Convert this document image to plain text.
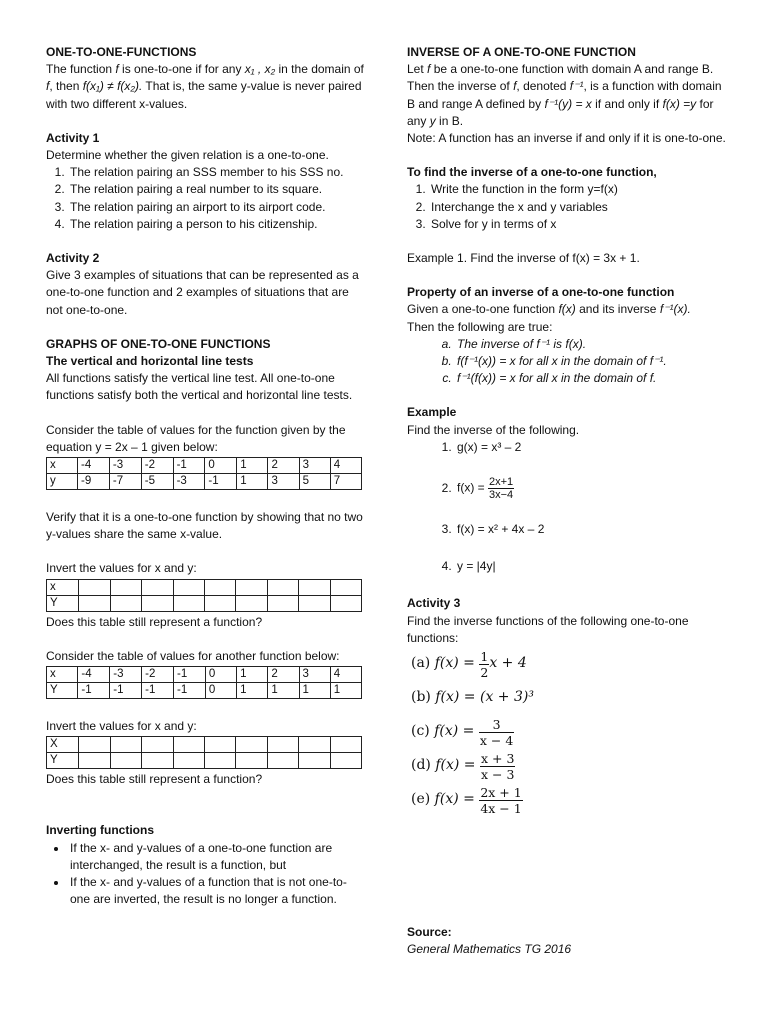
ONE-TO-ONE-FUNCTIONS
The function f is one-to-one if for any x₁ , x₂ in the domain of f, then f(x₁) ≠ f(x₂). That is, the same y-value is never paired with two different x-values.
Activity 1
Determine whether the given relation is a one-to-one.
1. The relation pairing an SSS member to his SSS no.
2. The relation pairing a real number to its square.
3. The relation pairing an airport to its airport code.
4. The relation pairing a person to his citizenship.
Activity 2
Give 3 examples of situations that can be represented as a one-to-one function and 2 examples of situations that are not one-to-one.
GRAPHS OF ONE-TO-ONE FUNCTIONS
The vertical and horizontal line tests
All functions satisfy the vertical line test. All one-to-one functions satisfy both the vertical and horizontal line tests.
Consider the table of values for the function given by the equation y = 2x – 1 given below:
x	-4	-3	-2	-1	0	1	2	3	4
y	-9	-7	-5	-3	-1	1	3	5	7
Verify that it is a one-to-one function by showing that no two y-values share the same x-value.
Invert the values for x and y:
x									
Y									
Does this table still represent a function?
Consider the table of values for another function below:
x	-4	-3	-2	-1	0	1	2	3	4
Y	-1	-1	-1	-1	0	1	1	1	1
Invert the values for x and y:
X									
Y									
Does this table still represent a function?
Inverting functions
• If the x- and y-values of a one-to-one function are interchanged, the result is a function, but
• If the x- and y-values of a function that is not one-to-one are inverted, the result is no longer a function.
INVERSE OF A ONE-TO-ONE FUNCTION
Let f be a one-to-one function with domain A and range B. Then the inverse of f, denoted f⁻¹, is a function with domain B and range A defined by f⁻¹(y) = x if and only if f(x) =y for any y in B.
Note: A function has an inverse if and only if it is one-to-one.
To find the inverse of a one-to-one function,
1. Write the function in the form y=f(x)
2. Interchange the x and y variables
3. Solve for y in terms of x
Example 1. Find the inverse of f(x) = 3x + 1.
Property of an inverse of a one-to-one function
Given a one-to-one function f(x) and its inverse f⁻¹(x).
Then the following are true:
a. The inverse of f⁻¹ is f(x).
b. f(f⁻¹(x)) = x for all x in the domain of f⁻¹.
c. f⁻¹(f(x)) = x for all x in the domain of f.
Example
Find the inverse of the following.
1. g(x) = x³ – 2
2. $f(x) = \frac{2x+1}{3x-4}$
3. f(x) = x² + 4x – 2
4. y = |4y|
Activity 3
Find the inverse functions of the following one-to-one functions:
(a)
f(x) =
$\frac{1}{2}$ x + 4
(b)
f(x) = (x + 3)³
(c)
f(x) =
$\frac{3}{x - 4}$
(d)
f(x) =
$\frac{x + 3}{x - 3}$
(e)
f(x) =
$\frac{2x + 1}{4x - 1}$
Source:
General Mathematics TG 2016
